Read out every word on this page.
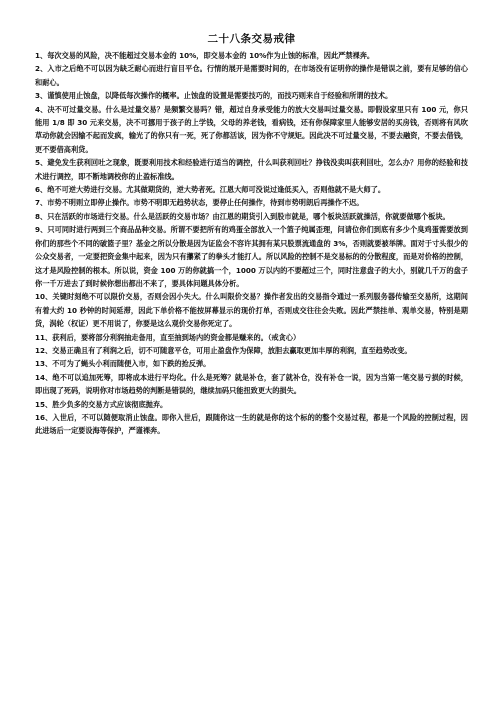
二十八条交易戒律
1、每次交易的风险，决不能超过交易本金的 10%，即交易本金的 10%作为止蚀的标准，因此严禁裸奔。
2、入市之后绝不可以因为缺乏耐心而进行盲目平仓。行情的展开是需要时间的，在市场没有证明你的操作是错误之前，要有足够的信心和耐心。
3、谨慎使用止蚀盘，以降低每次操作的概率。止蚀盘的设置是需要技巧的，而技巧则来自于经验和所谓的技术。
4、决不可过量交易。什么是过量交易？是频繁交易吗？错，超过自身承受能力的放大交易叫过量交易。即假设家里只有 100 元，你只能用 1/8 即 30 元来交易，决不可挪用于孩子的上学钱，父母的养老钱，看病钱，还有你保障家里人能够安居的买房钱，否则将有风吹草动你就会因输不起而发疯，输光了的你只有一死，死了你都活该，因为你不守规矩。因此决不可过量交易，不要去融资，不要去借钱，更不要借高利贷。
5、避免发生获利回吐之现象，既要利用技术和经验进行适当的调控，什么叫获利回吐？挣钱没卖叫获利回吐，怎么办？用你的经验和技术进行调控，即不断地调校你的止盈标准线。
6、绝不可逆大势进行交易。尤其做期货的，逆大势者死。江恩大师可没说过逢低买入，否则他就不是大师了。
7、市势不明则立即停止操作。市势不明即无趋势状态，要停止任何操作，待到市势明朗后再操作不迟。
8、只在活跃的市场进行交易。什么是活跃的交易市场？由江恩的期货引入到股市就是，哪个板块活跃就操活，你就要做哪个板块。
9、只可同时进行两到三个商品品种交易。所谓不要把所有的鸡蛋全部放入一个篮子纯属歪理，问请位你们到底有多少个臭鸡蛋需要放到你们的那些个不同的破篮子里？基金之所以分散是因为证监会不容许其拥有某只股票流通盘的 3%，否则就要被举牌。面对于寸头很少的公众交易者，一定要把资金集中起来，因为只有攥紧了的拳头才能打人。所以风险的控制不是交易标的的分散程度，而是对价格的控制，这才是风险控制的根本。所以说，资金 100 万的你就搞一个，1000 万以内的不要超过三个，同时注意盘子的大小，别就几千万的盘子你一千万进去了到时候你想出都出不来了，要具体问题具体分析。
10、关键时刻绝不可以限价交易，否则会因小失大。什么叫限价交易？操作者发出的交易指令通过一系列服务器传输至交易所，这期间有着大约 10 秒钟的时间延滞，因此下单价格不能按屏幕显示的现价打单，否则成交往往会失败。因此严禁挂单、观单交易，特别是期货，涡轮（权证）更不用说了，你要是这么观价交易你死定了。
11、获利后，要将部分利润抽走备用，直至抽到场内的资金都是赚来的。（戒贪心）
12、交易正确且有了利润之后，切不可随意平仓，可用止盈盘作为保障，放胆去赢取更加丰厚的利润，直至趋势改变。
13、不可为了蝇头小利而随便入市，如下跌的抢反弹。
14、绝不可以追加死筹，即将成本进行平均化。什么是死筹？就是补仓，套了就补仓，没有补仓一说，因为当第一笔交易亏损的时候，即出现了死码，说明你对市场趋势的判断是错误的，继续加码只能扭致更大的损失。
15、胜少负多的交易方式应该彻底抛弃。
16、入世后，不可以随便取消止蚀盘。即你入世后，跟随你这一生的就是你的这个标的的整个交易过程，都是一个风险的控制过程，因此进场后一定要设海等保护，严谨裸奔。
